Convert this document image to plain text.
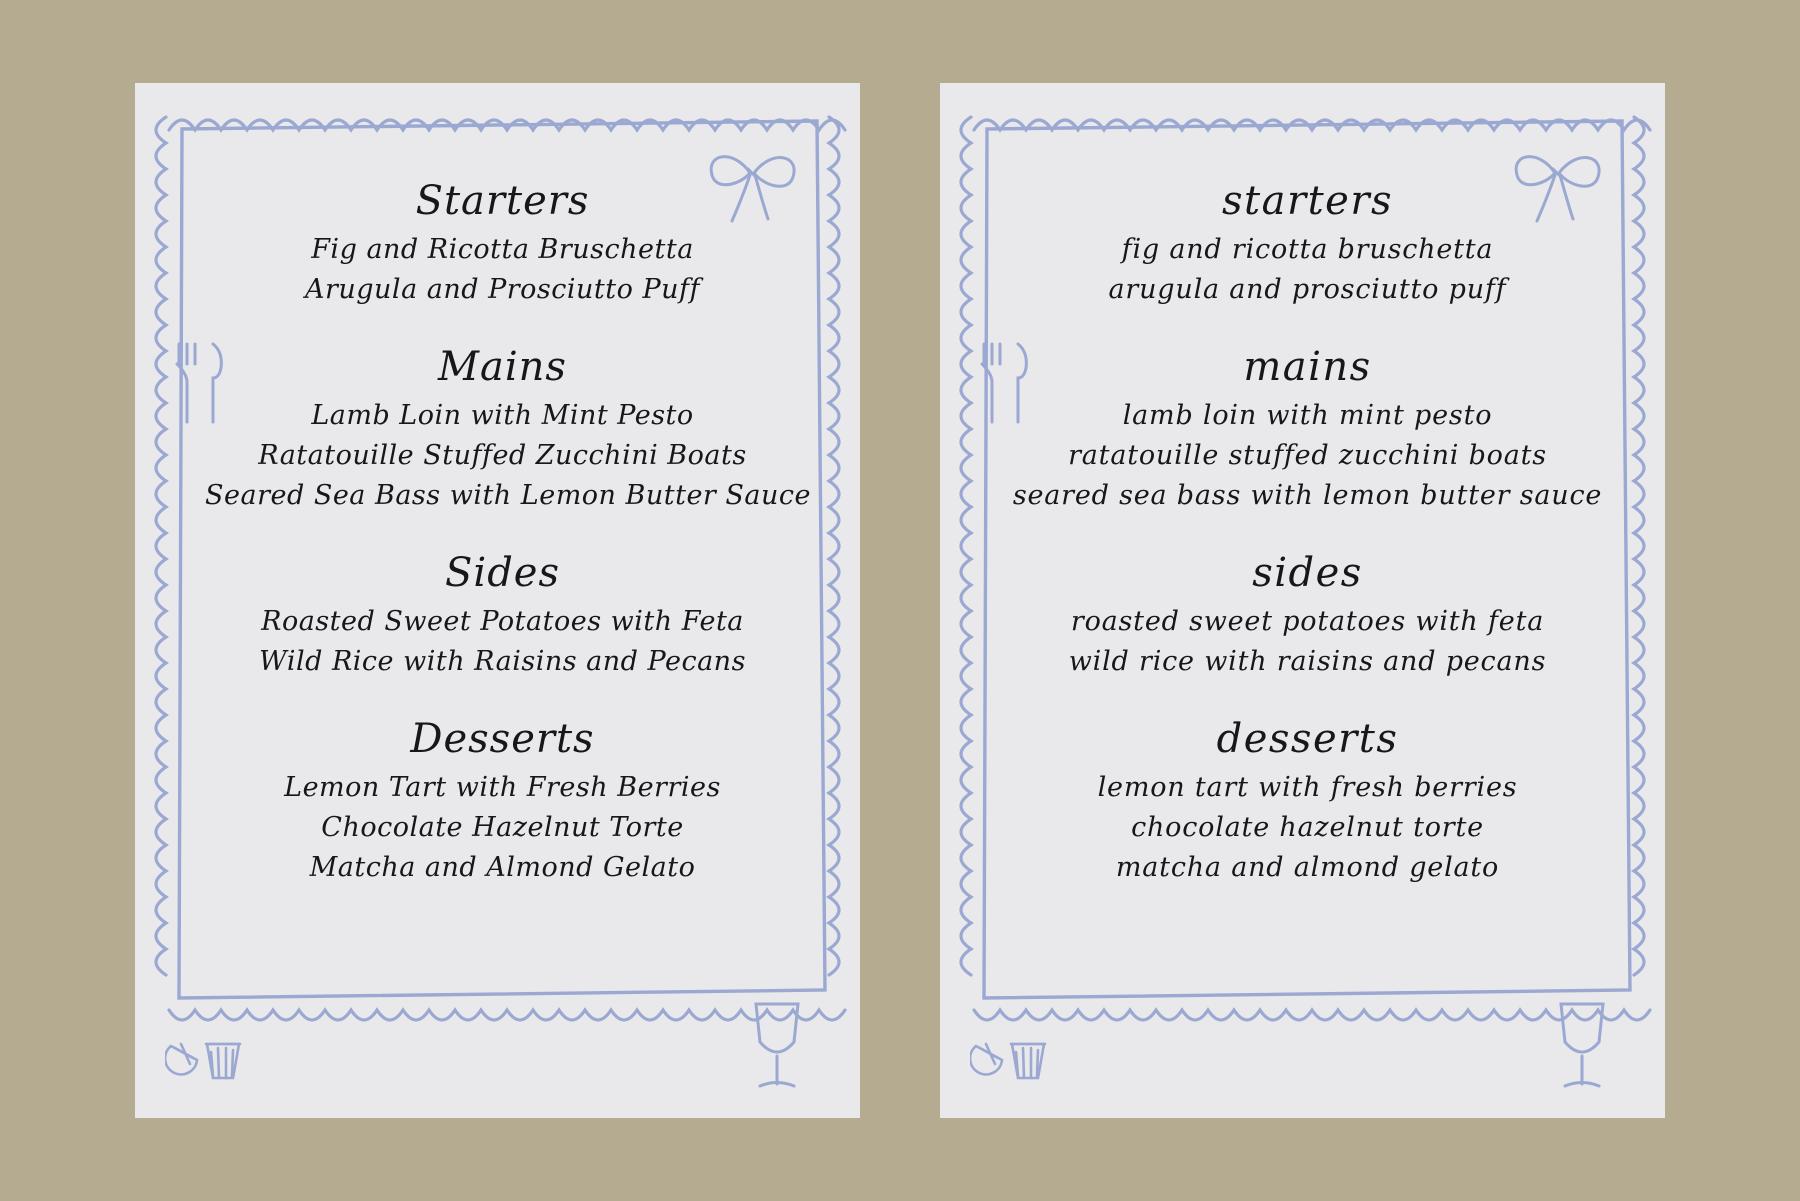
Starters
Fig and Ricotta Bruschetta
Arugula and Prosciutto Puff
Mains
Lamb Loin with Mint Pesto
Ratatouille Stuffed Zucchini Boats
Seared Sea Bass with Lemon Butter Sauce
Sides
Roasted Sweet Potatoes with Feta
Wild Rice with Raisins and Pecans
Desserts
Lemon Tart with Fresh Berries
Chocolate Hazelnut Torte
Matcha and Almond Gelato
starters
fig and ricotta bruschetta
arugula and prosciutto puff
mains
lamb loin with mint pesto
ratatouille stuffed zucchini boats
seared sea bass with lemon butter sauce
sides
roasted sweet potatoes with feta
wild rice with raisins and pecans
desserts
lemon tart with fresh berries
chocolate hazelnut torte
matcha and almond gelato
